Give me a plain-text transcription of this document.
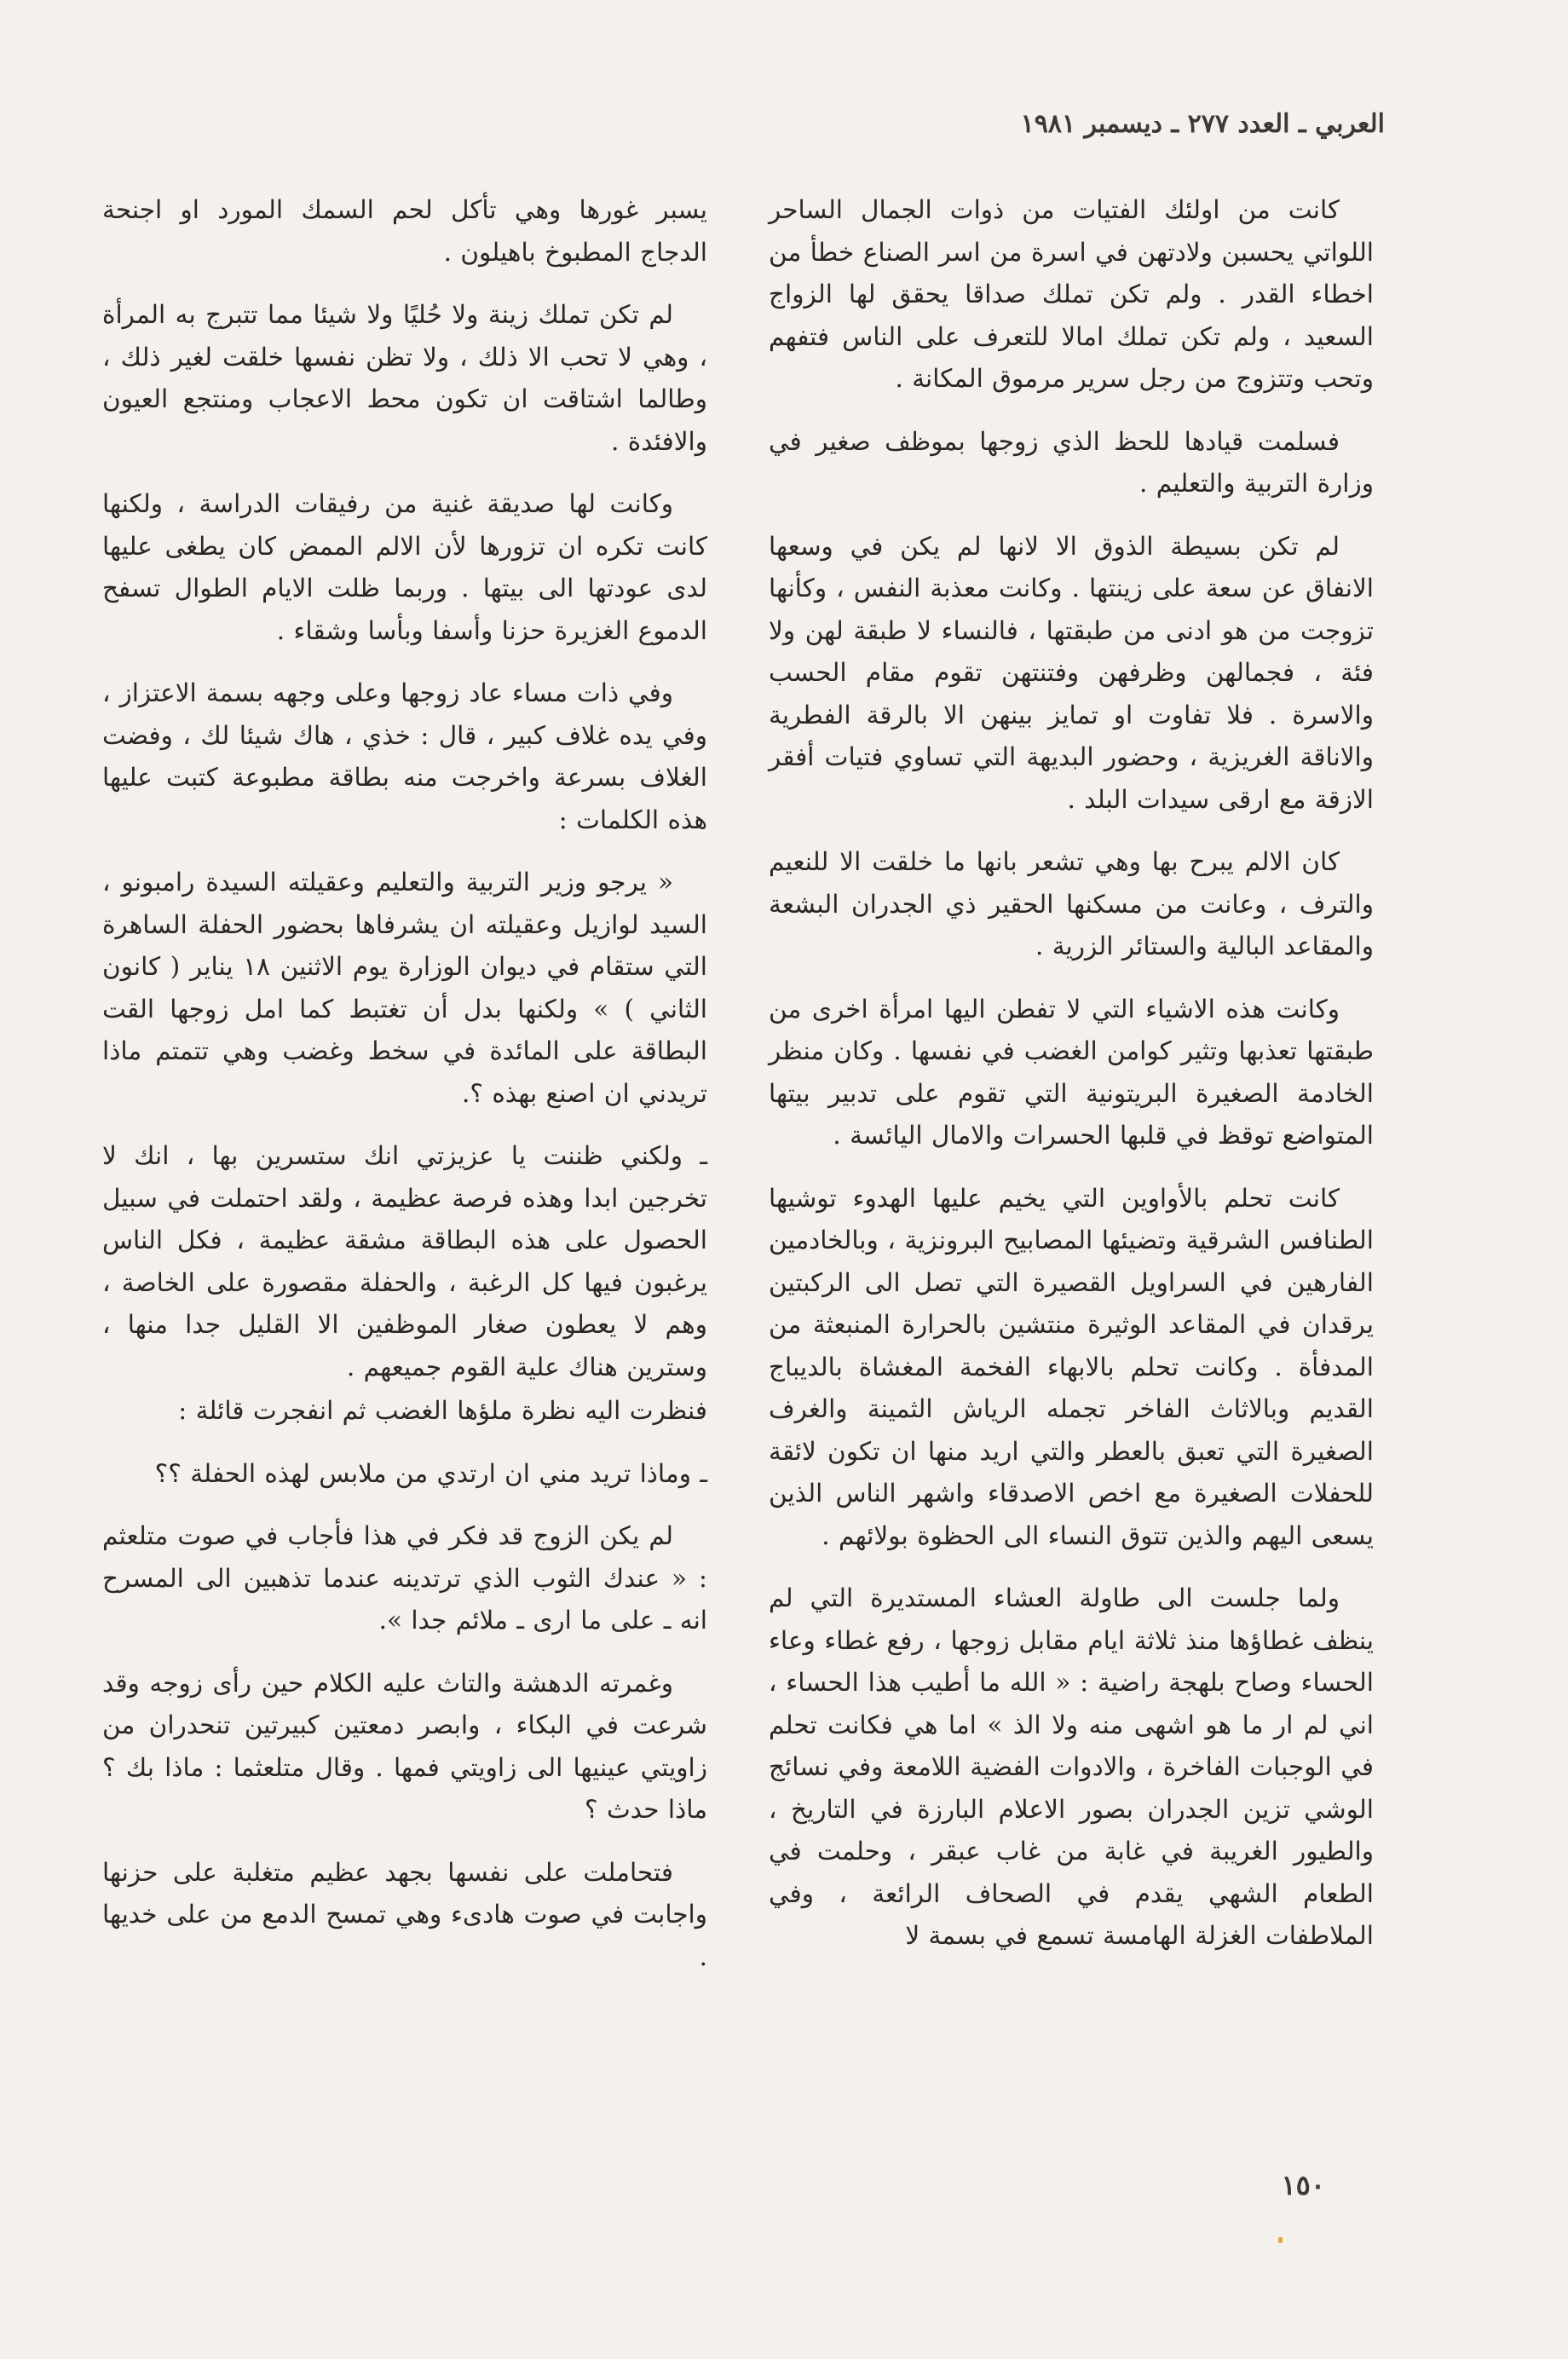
العربي ـ العدد ٢٧٧ ـ ديسمبر ١٩٨١

كانت من اولئك الفتيات من ذوات الجمال الساحر اللواتي يحسبن ولادتهن في اسرة من اسر الصناع خطأ من اخطاء القدر . ولم تكن تملك صداقا يحقق لها الزواج السعيد ، ولم تكن تملك امالا للتعرف على الناس فتفهم وتحب وتتزوج من رجل سرير مرموق المكانة .

فسلمت قيادها للحظ الذي زوجها بموظف صغير في وزارة التربية والتعليم .

لم تكن بسيطة الذوق الا لانها لم يكن في وسعها الانفاق عن سعة على زينتها . وكانت معذبة النفس ، وكأنها تزوجت من هو ادنى من طبقتها ، فالنساء لا طبقة لهن ولا فئة ، فجمالهن وظرفهن وفتنتهن تقوم مقام الحسب والاسرة . فلا تفاوت او تمايز بينهن الا بالرقة الفطرية والاناقة الغريزية ، وحضور البديهة التي تساوي فتيات أفقر الازقة مع ارقى سيدات البلد .

كان الالم يبرح بها وهي تشعر بانها ما خلقت الا للنعيم والترف ، وعانت من مسكنها الحقير ذي الجدران البشعة والمقاعد البالية والستائر الزرية .

وكانت هذه الاشياء التي لا تفطن اليها امرأة اخرى من طبقتها تعذبها وتثير كوامن الغضب في نفسها . وكان منظر الخادمة الصغيرة البريتونية التي تقوم على تدبير بيتها المتواضع توقظ في قلبها الحسرات والامال اليائسة .

كانت تحلم بالأواوين التي يخيم عليها الهدوء توشيها الطنافس الشرقية وتضيئها المصابيح البرونزية ، وبالخادمين الفارهين في السراويل القصيرة التي تصل الى الركبتين يرقدان في المقاعد الوثيرة منتشين بالحرارة المنبعثة من المدفأة . وكانت تحلم بالابهاء الفخمة المغشاة بالديباج القديم وبالاثاث الفاخر تجمله الرياش الثمينة والغرف الصغيرة التي تعبق بالعطر والتي اريد منها ان تكون لائقة للحفلات الصغيرة مع اخص الاصدقاء واشهر الناس الذين يسعى اليهم والذين تتوق النساء الى الحظوة بولائهم .

ولما جلست الى طاولة العشاء المستديرة التي لم ينظف غطاؤها منذ ثلاثة ايام مقابل زوجها ، رفع غطاء وعاء الحساء وصاح بلهجة راضية : « الله ما أطيب هذا الحساء ، اني لم ار ما هو اشهى منه ولا الذ » اما هي فكانت تحلم في الوجبات الفاخرة ، والادوات الفضية اللامعة وفي نسائج الوشي تزين الجدران بصور الاعلام البارزة في التاريخ ، والطيور الغريبة في غابة من غاب عبقر ، وحلمت في الطعام الشهي يقدم في الصحاف الرائعة ، وفي الملاطفات الغزلة الهامسة تسمع في بسمة لا

يسبر غورها وهي تأكل لحم السمك المورد او اجنحة الدجاج المطبوخ باهيلون .

لم تكن تملك زينة ولا حُليًا ولا شيئا مما تتبرج به المرأة ، وهي لا تحب الا ذلك ، ولا تظن نفسها خلقت لغير ذلك ، وطالما اشتاقت ان تكون محط الاعجاب ومنتجع العيون والافئدة .

وكانت لها صديقة غنية من رفيقات الدراسة ، ولكنها كانت تكره ان تزورها لأن الالم الممض كان يطغى عليها لدى عودتها الى بيتها . وربما ظلت الايام الطوال تسفح الدموع الغزيرة حزنا وأسفا وبأسا وشقاء .

وفي ذات مساء عاد زوجها وعلى وجهه بسمة الاعتزاز ، وفي يده غلاف كبير ، قال : خذي ، هاك شيئا لك ، وفضت الغلاف بسرعة واخرجت منه بطاقة مطبوعة كتبت عليها هذه الكلمات :

« يرجو وزير التربية والتعليم وعقيلته السيدة رامبونو ، السيد لوازيل وعقيلته ان يشرفاها بحضور الحفلة الساهرة التي ستقام في ديوان الوزارة يوم الاثنين ١٨ يناير ( كانون الثاني ) » ولكنها بدل أن تغتبط كما امل زوجها القت البطاقة على المائدة في سخط وغضب وهي تتمتم ماذا تريدني ان اصنع بهذه ؟.

ـ ولكني ظننت يا عزيزتي انك ستسرين بها ، انك لا تخرجين ابدا وهذه فرصة عظيمة ، ولقد احتملت في سبيل الحصول على هذه البطاقة مشقة عظيمة ، فكل الناس يرغبون فيها كل الرغبة ، والحفلة مقصورة على الخاصة ، وهم لا يعطون صغار الموظفين الا القليل جدا منها ، وسترين هناك علية القوم جميعهم .

فنظرت اليه نظرة ملؤها الغضب ثم انفجرت قائلة :

ـ وماذا تريد مني ان ارتدي من ملابس لهذه الحفلة ؟؟

لم يكن الزوج قد فكر في هذا فأجاب في صوت متلعثم : « عندك الثوب الذي ترتدينه عندما تذهبين الى المسرح انه ـ على ما ارى ـ ملائم جدا ».

وغمرته الدهشة والتاث عليه الكلام حين رأى زوجه وقد شرعت في البكاء ، وابصر دمعتين كبيرتين تنحدران من زاويتي عينيها الى زاويتي فمها . وقال متلعثما : ماذا بك ؟ ماذا حدث ؟

فتحاملت على نفسها بجهد عظيم متغلبة على حزنها واجابت في صوت هادىء وهي تمسح الدمع من على خديها .

١٥٠
